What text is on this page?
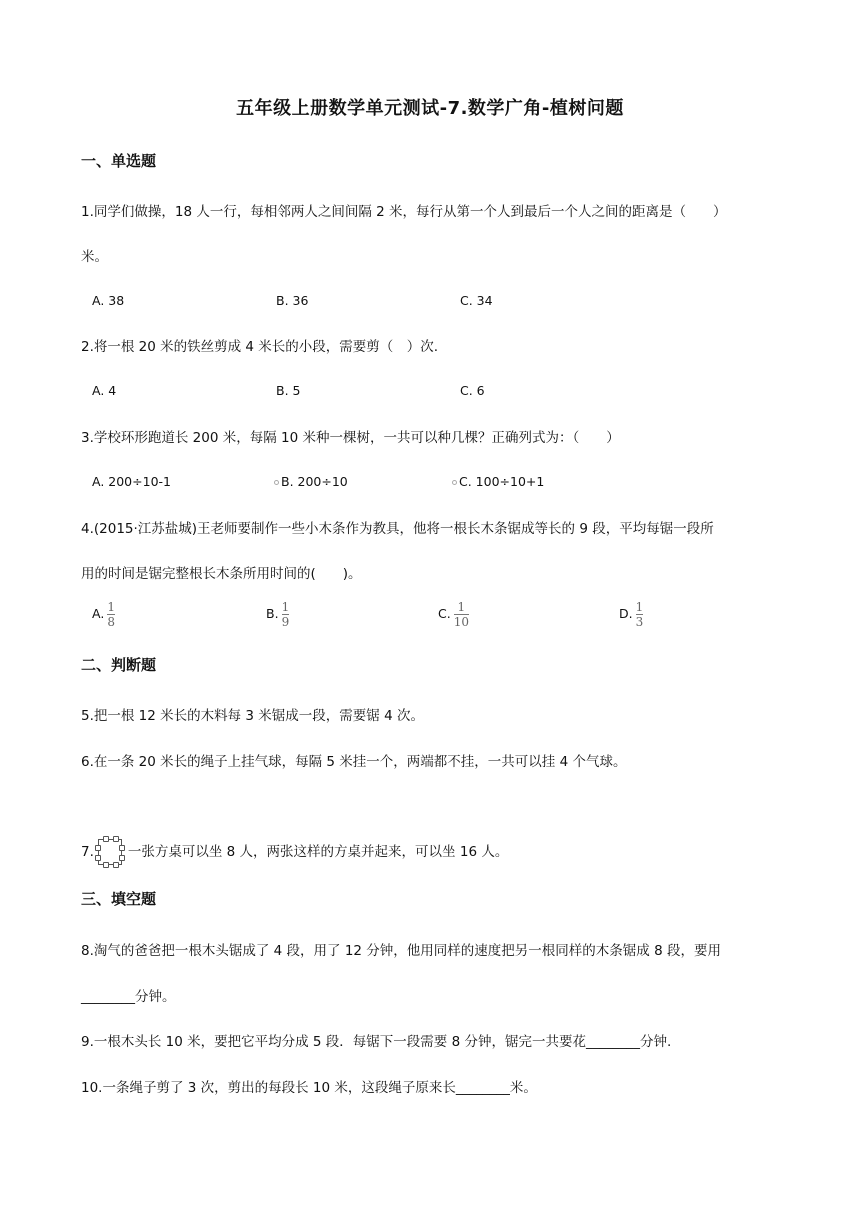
五年级上册数学单元测试-7.数学广角-植树问题
一、单选题
1.同学们做操，18 人一行，每相邻两人之间间隔 2 米，每行从第一个人到最后一个人之间的距离是（　　）
米。
A. 38	B. 36	C. 34
2.将一根 20 米的铁丝剪成 4 米长的小段，需要剪（　）次.
A. 4	B. 5	C. 6
3.学校环形跑道长 200 米，每隔 10 米种一棵树，一共可以种几棵？正确列式为：（　　）
A. 200÷10-1	B. 200÷10	C. 100÷10+1
4.(2015·江苏盐城)王老师要制作一些小木条作为教具，他将一根长木条锯成等长的 9 段，平均每锯一段所
用的时间是锯完整根长木条所用时间的(　　)。
A. $\frac{1}{8}$	B. $\frac{1}{9}$	C. $\frac{1}{10}$	D. $\frac{1}{3}$
二、判断题
5.把一根 12 米长的木料每 3 米锯成一段，需要锯 4 次。
6.在一条 20 米长的绳子上挂气球，每隔 5 米挂一个，两端都不挂，一共可以挂 4 个气球。
7.	一张方桌可以坐 8 人，两张这样的方桌并起来，可以坐 16 人。
三、填空题
8.淘气的爸爸把一根木头锯成了 4 段，用了 12 分钟，他用同样的速度把另一根同样的木条锯成 8 段，要用
________分钟。
9.一根木头长 10 米，要把它平均分成 5 段．每锯下一段需要 8 分钟，锯完一共要花________分钟.
10.一条绳子剪了 3 次，剪出的每段长 10 米，这段绳子原来长________米。
